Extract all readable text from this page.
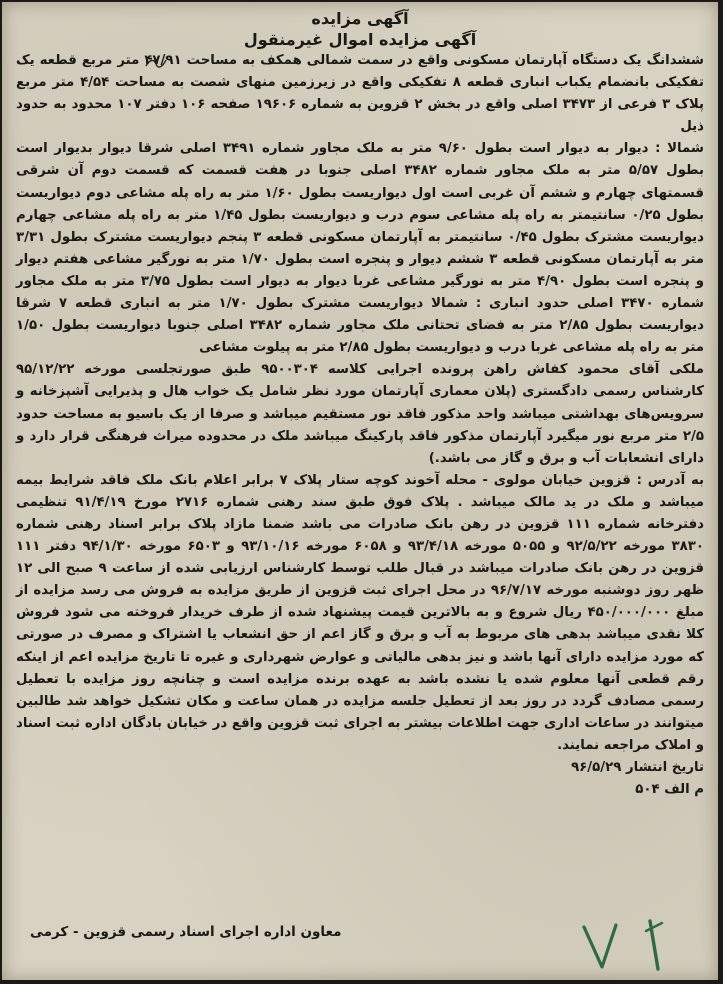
آگهی مزایده

آگهی مزایده اموال غیرمنقول

ششدانگ یک دستگاه آپارتمان مسکونی واقع در سمت شمالی همکف به مساحت ۴۷/۹۱ متر مربع قطعه یک تفکیکی بانضمام یکباب انباری قطعه ۸ تفکیکی واقع در زیرزمین منهای شصت به مساحت ۴/۵۴ متر مربع پلاک ۳ فرعی از ۳۴۷۳ اصلی واقع در بخش ۲ قزوین به شماره ۱۹۶۰۶ صفحه ۱۰۶ دفتر ۱۰۷ محدود به حدود ذیل

شمالا : دیوار به دیوار است بطول ۹/۶۰ متر به ملک مجاور شماره ۳۴۹۱ اصلی شرقا دیوار بدیوار است بطول ۵/۵۷ متر به ملک مجاور شماره ۳۴۸۲ اصلی جنوبا در هفت قسمت که قسمت دوم آن شرقی قسمتهای چهارم و ششم آن غربی است اول دیواریست بطول ۱/۶۰ متر به راه پله مشاعی دوم دیواریست بطول ۰/۲۵ سانتیمتر به راه پله مشاعی سوم درب و دیواریست بطول ۱/۴۵ متر به راه پله مشاعی چهارم دیواریست مشترک بطول ۰/۴۵ سانتیمتر به آپارتمان مسکونی قطعه ۳ پنجم دیواریست مشترک بطول ۳/۳۱ متر به آپارتمان مسکونی قطعه ۳ ششم دیوار و پنجره است بطول ۱/۷۰ متر به نورگیر مشاعی هفتم دیوار و پنجره است بطول ۴/۹۰ متر به نورگیر مشاعی غربا دیوار به دیوار است بطول ۳/۷۵ متر به ملک مجاور شماره ۳۴۷۰ اصلی حدود انباری : شمالا دیواریست مشترک بطول ۱/۷۰ متر به انباری قطعه ۷ شرقا دیواریست بطول ۲/۸۵ متر به فضای تحتانی ملک مجاور شماره ۳۴۸۲ اصلی جنوبا دیواریست بطول ۱/۵۰ متر به راه پله مشاعی غربا درب و دیواریست بطول ۲/۸۵ متر به پیلوت مشاعی

ملکی آقای محمود کفاش راهن پرونده اجرایی کلاسه ۹۵۰۰۳۰۴ طبق صورتجلسی مورخه ۹۵/۱۲/۲۲ کارشناس رسمی دادگستری (پلان معماری آپارتمان مورد نظر شامل یک خواب هال و پذیرایی آشپزخانه و سرویس‌های بهداشتی میباشد واحد مذکور فاقد نور مستقیم میباشد و صرفا از یک باسیو به مساحت حدود ۲/۵ متر مربع نور میگیرد آپارتمان مذکور فاقد پارکینگ میباشد ملک در محدوده میراث فرهنگی قرار دارد و دارای انشعابات آب و برق و گاز می باشد.)

به آدرس : قزوین خیابان مولوی - محله آخوند کوچه ستار پلاک ۷ برابر اعلام بانک ملک فاقد شرایط بیمه میباشد و ملک در ید مالک میباشد . پلاک فوق طبق سند رهنی شماره ۲۷۱۶ مورخ ۹۱/۴/۱۹ تنظیمی دفترخانه شماره ۱۱۱ قزوین در رهن بانک صادرات می باشد ضمنا مازاد پلاک برابر اسناد رهنی شماره ۳۸۳۰ مورخه ۹۲/۵/۲۲ و ۵۰۵۵ مورخه ۹۳/۴/۱۸ و ۶۰۵۸ مورخه ۹۳/۱۰/۱۶ و ۶۵۰۳ مورخه ۹۴/۱/۳۰ دفتر ۱۱۱ قزوین در رهن بانک صادرات میباشد در قبال طلب توسط کارشناس ارزیابی شده از ساعت ۹ صبح الی ۱۲ ظهر روز دوشنبه مورخه ۹۶/۷/۱۷ در محل اجرای ثبت قزوین از طریق مزایده به فروش می رسد مزایده از مبلغ ۴۵۰/۰۰۰/۰۰۰ ریال شروع و به بالاترین قیمت پیشنهاد شده از طرف خریدار فروخته می شود فروش کلا نقدی میباشد بدهی های مربوط به آب و برق و گاز اعم از حق انشعاب یا اشتراک و مصرف در صورتی که مورد مزایده دارای آنها باشد و نیز بدهی مالیاتی و عوارض شهرداری و غیره تا تاریخ مزایده اعم از اینکه رقم قطعی آنها معلوم شده یا نشده باشد به عهده برنده مزایده است و چنانچه روز مزایده با تعطیل رسمی مصادف گردد در روز بعد از تعطیل جلسه مزایده در همان ساعت و مکان تشکیل خواهد شد طالبین میتوانند در ساعات اداری جهت اطلاعات بیشتر به اجرای ثبت قزوین واقع در خیابان بادگان اداره ثبت اسناد و املاک مراجعه نمایند.

تاریخ انتشار ۹۶/۵/۲۹

م الف ۵۰۴

معاون اداره اجرای اسناد رسمی قزوین - کرمی
